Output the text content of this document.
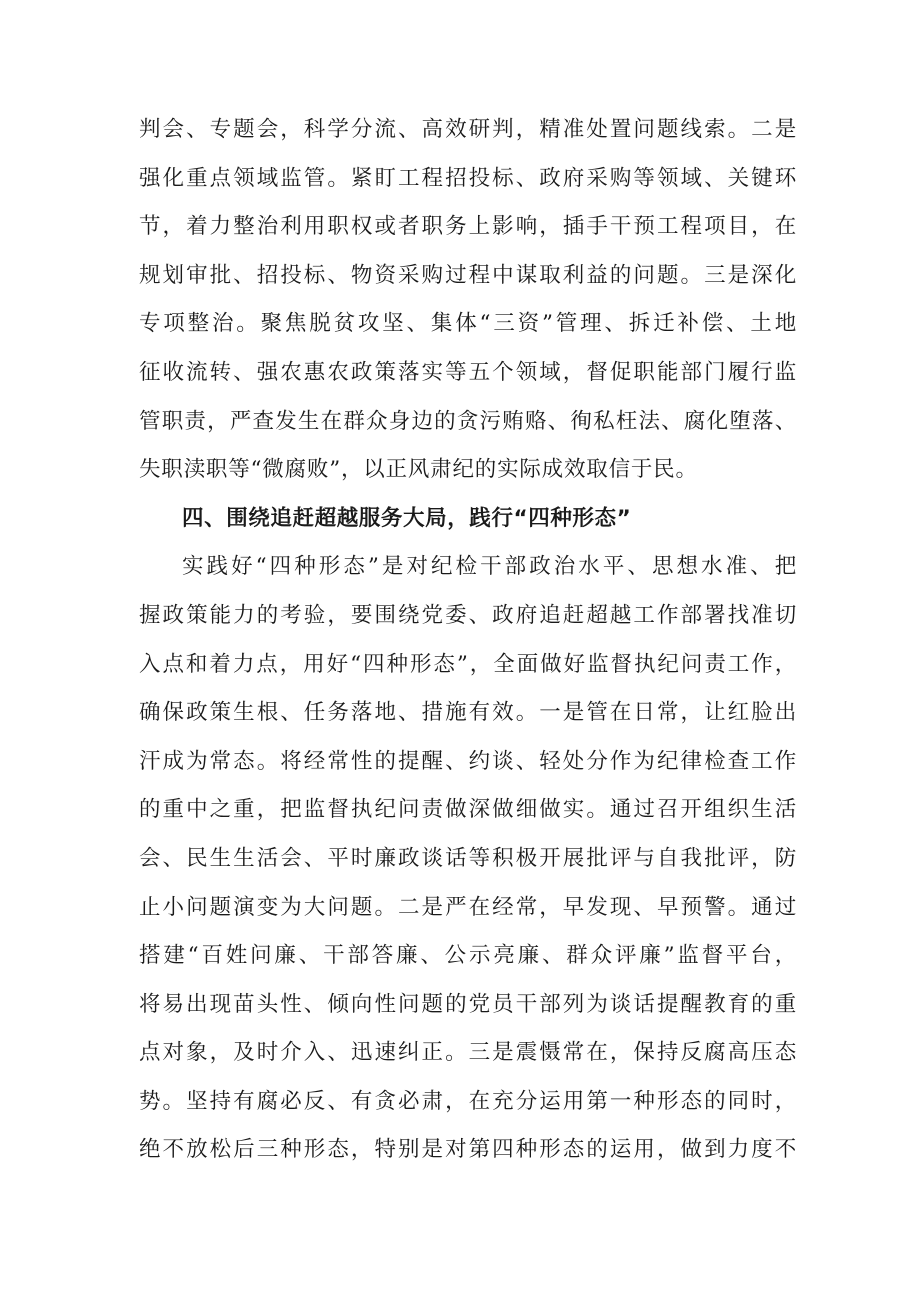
判会、专题会，科学分流、高效研判，精准处置问题线索。二是
强化重点领域监管。紧盯工程招投标、政府采购等领域、关键环
节，着力整治利用职权或者职务上影响，插手干预工程项目，在
规划审批、招投标、物资采购过程中谋取利益的问题。三是深化
专项整治。聚焦脱贫攻坚、集体“三资”管理、拆迁补偿、土地
征收流转、强农惠农政策落实等五个领域，督促职能部门履行监
管职责，严查发生在群众身边的贪污贿赂、徇私枉法、腐化堕落、
失职渎职等“微腐败”，以正风肃纪的实际成效取信于民。
四、围绕追赶超越服务大局，践行“四种形态”
实践好“四种形态”是对纪检干部政治水平、思想水准、把
握政策能力的考验，要围绕党委、政府追赶超越工作部署找准切
入点和着力点，用好“四种形态”，全面做好监督执纪问责工作，
确保政策生根、任务落地、措施有效。一是管在日常，让红脸出
汗成为常态。将经常性的提醒、约谈、轻处分作为纪律检查工作
的重中之重，把监督执纪问责做深做细做实。通过召开组织生活
会、民生生活会、平时廉政谈话等积极开展批评与自我批评，防
止小问题演变为大问题。二是严在经常，早发现、早预警。通过
搭建“百姓问廉、干部答廉、公示亮廉、群众评廉”监督平台，
将易出现苗头性、倾向性问题的党员干部列为谈话提醒教育的重
点对象，及时介入、迅速纠正。三是震慑常在，保持反腐高压态
势。坚持有腐必反、有贪必肃，在充分运用第一种形态的同时，
绝不放松后三种形态，特别是对第四种形态的运用，做到力度不
